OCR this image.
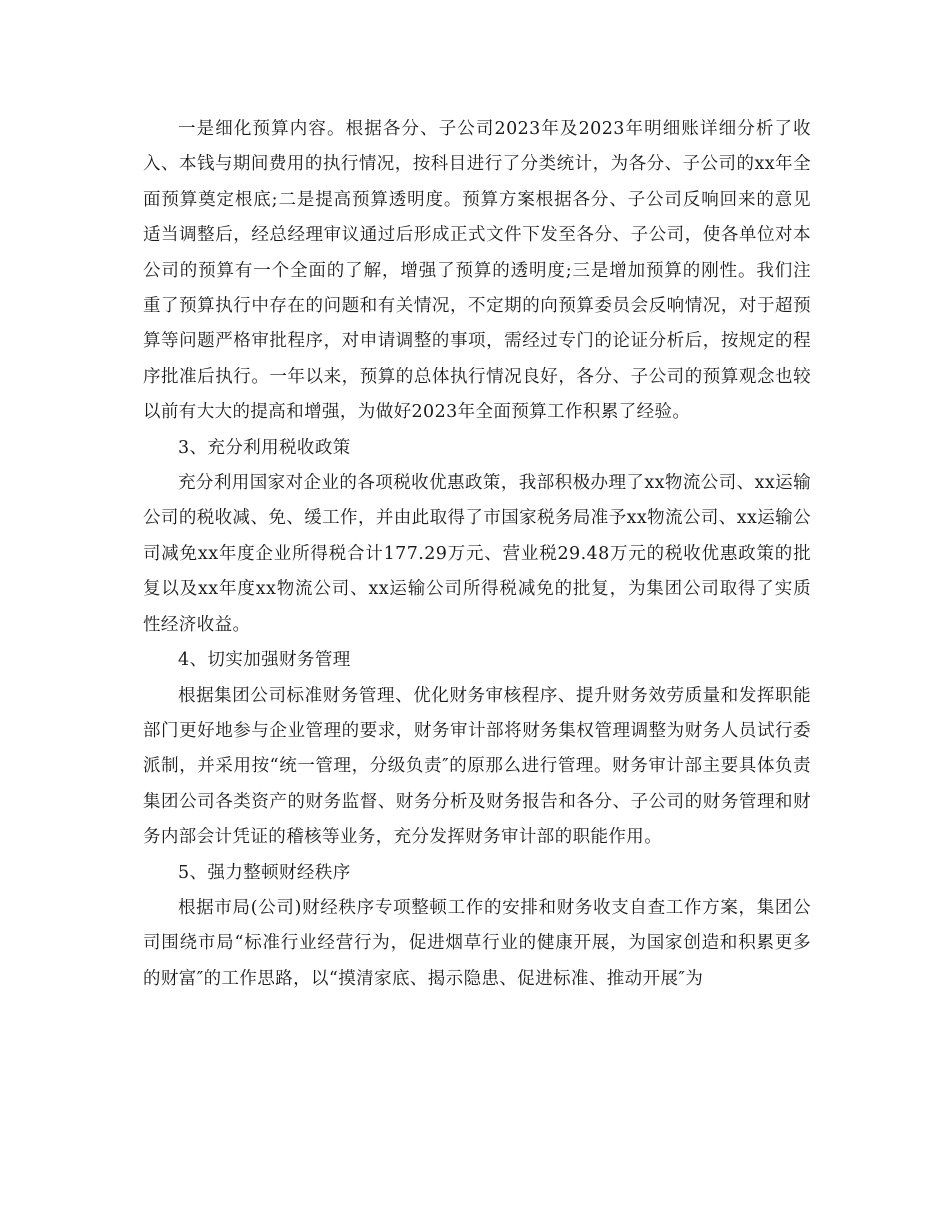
一是细化预算内容。根据各分、子公司2023年及2023年明细账详细分析了收入、本钱与期间费用的执行情况，按科目进行了分类统计，为各分、子公司的xx年全面预算奠定根底;二是提高预算透明度。预算方案根据各分、子公司反响回来的意见适当调整后，经总经理审议通过后形成正式文件下发至各分、子公司，使各单位对本公司的预算有一个全面的了解，增强了预算的透明度;三是增加预算的刚性。我们注重了预算执行中存在的问题和有关情况，不定期的向预算委员会反响情况，对于超预算等问题严格审批程序，对申请调整的事项，需经过专门的论证分析后，按规定的程序批准后执行。一年以来，预算的总体执行情况良好，各分、子公司的预算观念也较以前有大大的提高和增强，为做好2023年全面预算工作积累了经验。

3、充分利用税收政策

充分利用国家对企业的各项税收优惠政策，我部积极办理了xx物流公司、xx运输公司的税收减、免、缓工作，并由此取得了市国家税务局准予xx物流公司、xx运输公司减免xx年度企业所得税合计177.29万元、营业税29.48万元的税收优惠政策的批复以及xx年度xx物流公司、xx运输公司所得税减免的批复，为集团公司取得了实质性经济收益。

4、切实加强财务管理

根据集团公司标准财务管理、优化财务审核程序、提升财务效劳质量和发挥职能部门更好地参与企业管理的要求，财务审计部将财务集权管理调整为财务人员试行委派制，并采用按“统一管理，分级负责″的原那么进行管理。财务审计部主要具体负责集团公司各类资产的财务监督、财务分析及财务报告和各分、子公司的财务管理和财务内部会计凭证的稽核等业务，充分发挥财务审计部的职能作用。

5、强力整顿财经秩序

根据市局(公司)财经秩序专项整顿工作的安排和财务收支自查工作方案，集团公司围绕市局“标准行业经营行为，促进烟草行业的健康开展，为国家创造和积累更多的财富″的工作思路，以“摸清家底、揭示隐患、促进标准、推动开展″为
